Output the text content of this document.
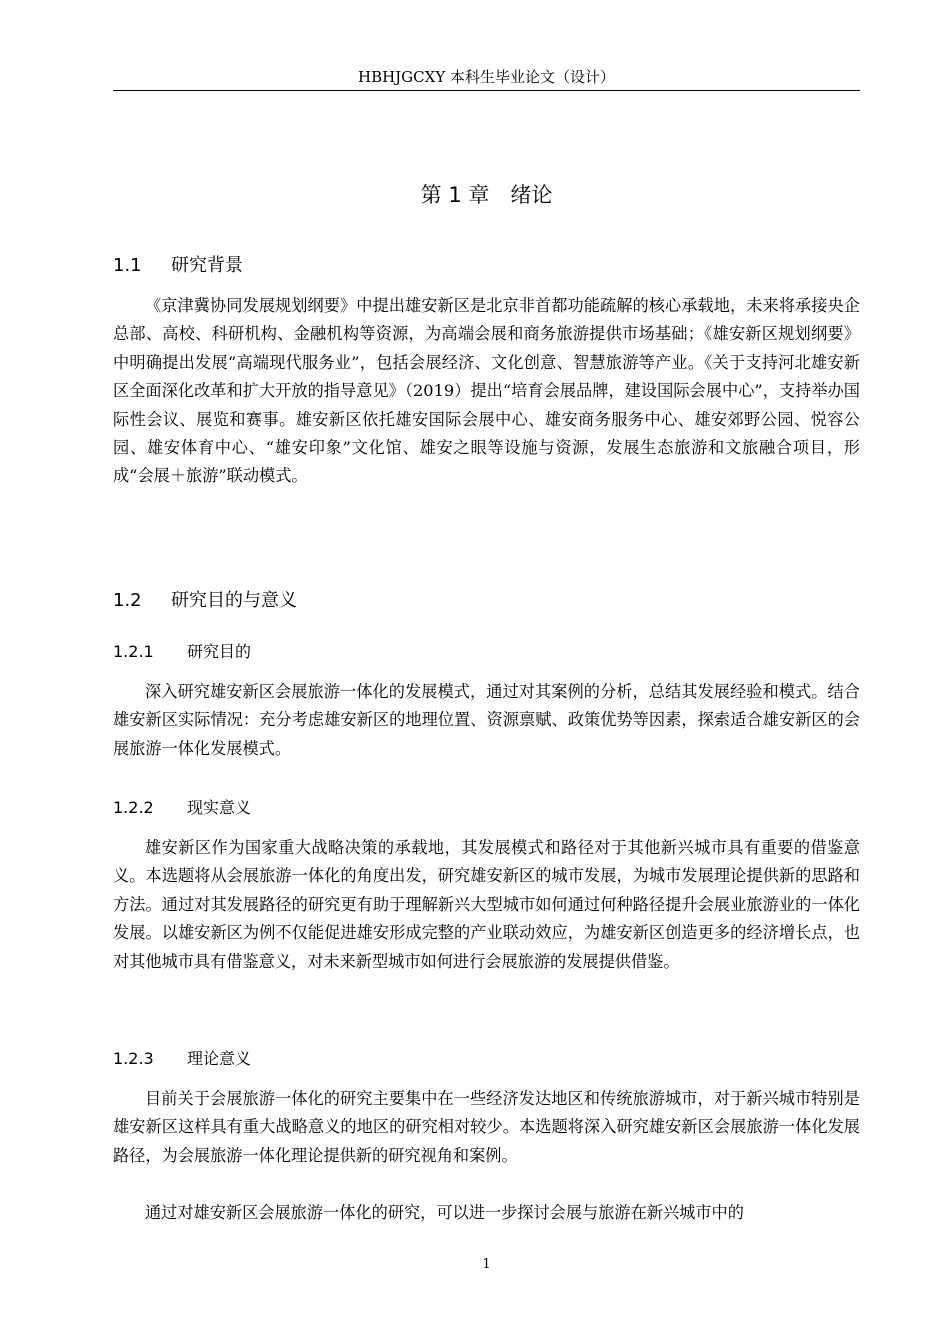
HBHJGCXY 本科生毕业论文（设计）
第 1 章　绪论
1.1 研究背景

《京津冀协同发展规划纲要》中提出雄安新区是北京非首都功能疏解的核心承载地，未来将承接央企总部、高校、科研机构、金融机构等资源，为高端会展和商务旅游提供市场基础；《雄安新区规划纲要》中明确提出发展“高端现代服务业”，包括会展经济、文化创意、智慧旅游等产业。《关于支持河北雄安新区全面深化改革和扩大开放的指导意见》（2019）提出“培育会展品牌，建设国际会展中心”，支持举办国际性会议、展览和赛事。雄安新区依托雄安国际会展中心、雄安商务服务中心、雄安郊野公园、悦容公园、雄安体育中心、“雄安印象”文化馆、雄安之眼等设施与资源，发展生态旅游和文旅融合项目，形成“会展＋旅游”联动模式。

1.2 研究目的与意义
1.2.1 研究目的

深入研究雄安新区会展旅游一体化的发展模式，通过对其案例的分析，总结其发展经验和模式。结合雄安新区实际情况：充分考虑雄安新区的地理位置、资源禀赋、政策优势等因素，探索适合雄安新区的会展旅游一体化发展模式。

1.2.2 现实意义

雄安新区作为国家重大战略决策的承载地，其发展模式和路径对于其他新兴城市具有重要的借鉴意义。本选题将从会展旅游一体化的角度出发，研究雄安新区的城市发展，为城市发展理论提供新的思路和方法。通过对其发展路径的研究更有助于理解新兴大型城市如何通过何种路径提升会展业旅游业的一体化发展。以雄安新区为例不仅能促进雄安形成完整的产业联动效应，为雄安新区创造更多的经济增长点，也对其他城市具有借鉴意义，对未来新型城市如何进行会展旅游的发展提供借鉴。

1.2.3 理论意义

目前关于会展旅游一体化的研究主要集中在一些经济发达地区和传统旅游城市，对于新兴城市特别是雄安新区这样具有重大战略意义的地区的研究相对较少。本选题将深入研究雄安新区会展旅游一体化发展路径，为会展旅游一体化理论提供新的研究视角和案例。

通过对雄安新区会展旅游一体化的研究，可以进一步探讨会展与旅游在新兴城市中的

1
